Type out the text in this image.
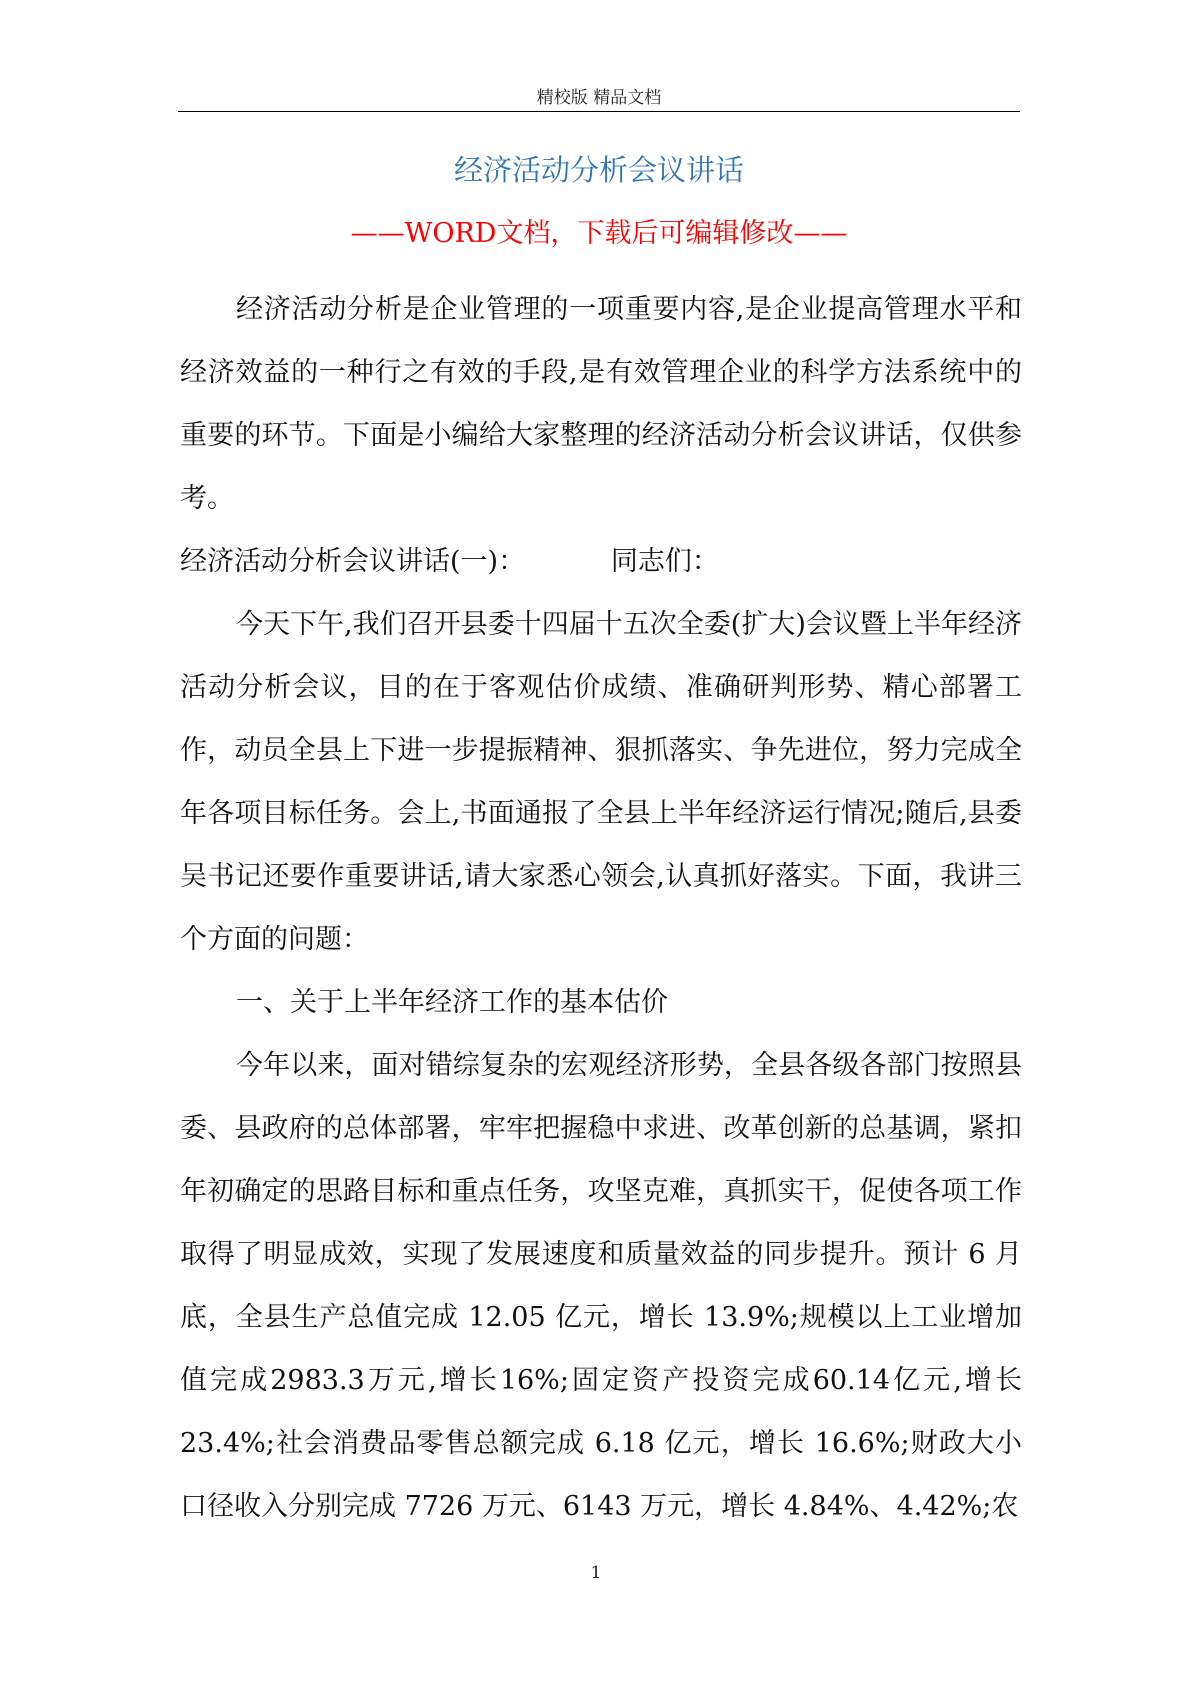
精校版 精品文档
经济活动分析会议讲话
——WORD文档，下载后可编辑修改——

经济活动分析是企业管理的一项重要内容,是企业提高管理水平和经济效益的一种行之有效的手段,是有效管理企业的科学方法系统中的重要的环节。下面是小编给大家整理的经济活动分析会议讲话，仅供参考。

经济活动分析会议讲话(一)：          同志们：

今天下午,我们召开县委十四届十五次全委(扩大)会议暨上半年经济活动分析会议，目的在于客观估价成绩、准确研判形势、精心部署工作，动员全县上下进一步提振精神、狠抓落实、争先进位，努力完成全年各项目标任务。会上,书面通报了全县上半年经济运行情况;随后,县委吴书记还要作重要讲话,请大家悉心领会,认真抓好落实。下面，我讲三个方面的问题：

一、关于上半年经济工作的基本估价

今年以来，面对错综复杂的宏观经济形势，全县各级各部门按照县委、县政府的总体部署，牢牢把握稳中求进、改革创新的总基调，紧扣年初确定的思路目标和重点任务，攻坚克难，真抓实干，促使各项工作取得了明显成效，实现了发展速度和质量效益的同步提升。预计 6 月底，全县生产总值完成 12.05 亿元，增长 13.9%;规模以上工业增加值完成2983.3万元,增长16%;固定资产投资完成60.14亿元,增长 23.4%;社会消费品零售总额完成 6.18 亿元，增长 16.6%;财政大小口径收入分别完成 7726 万元、6143 万元，增长 4.84%、4.42%;农

1
